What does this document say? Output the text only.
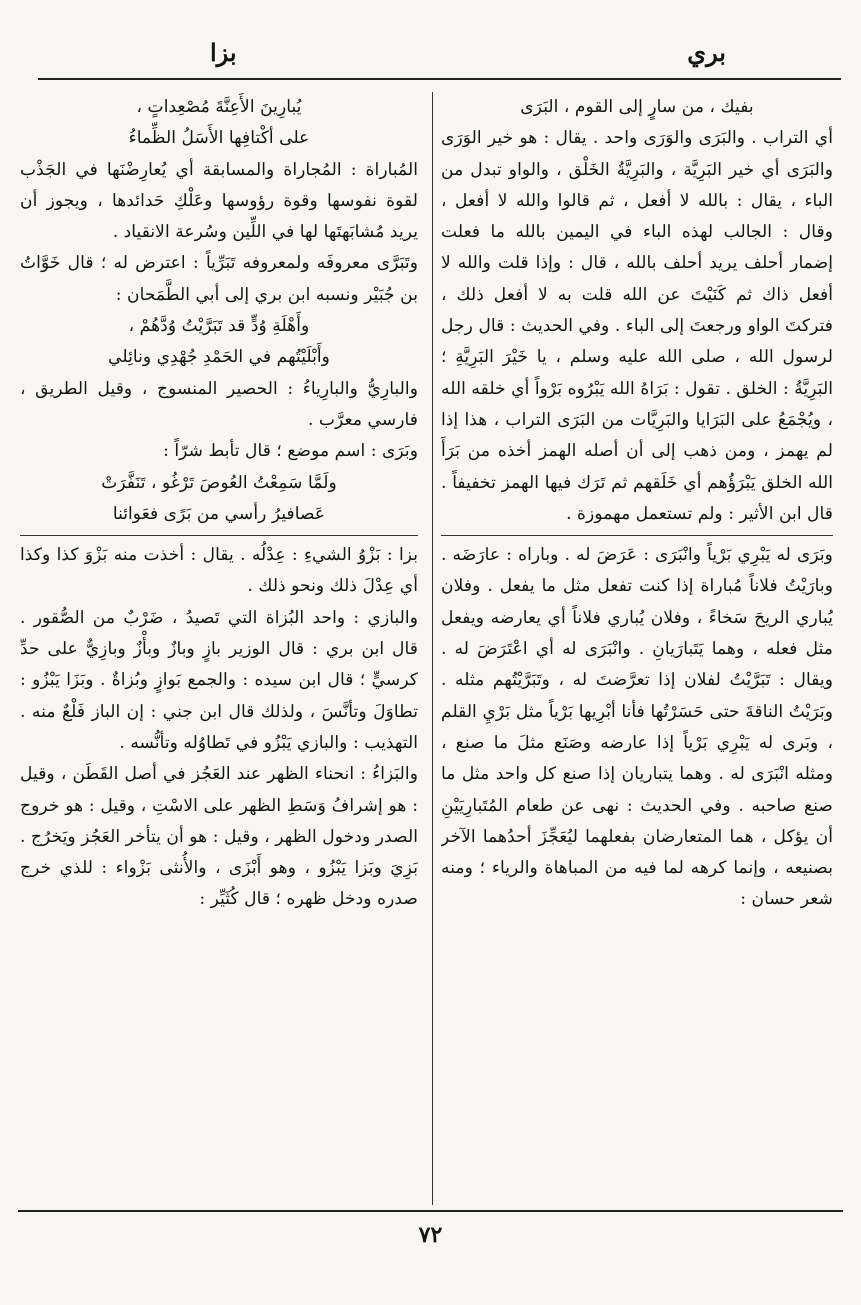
بري
بزا

بفيك ، من سارٍ إلى القوم ، البَرَى

أي التراب . والبَرَى والوَرَى واحد . يقال : هو خير الوَرَى والبَرَى أي خير البَرِيَّة ، والبَرِيَّةُ الخَلْق ، والواو تبدل من الباء ، يقال : بالله لا أفعل ، ثم قالوا والله لا أفعل ، وقال : الجالب لهذه الباء في اليمين بالله ما فعلت إضمار أحلف يريد أحلف بالله ، قال : وإذا قلت والله لا أفعل ذاك ثم كَنَيْتَ عن الله قلت به لا أفعل ذلك ، فتركتَ الواو ورجعتَ إلى الباء . وفي الحديث : قال رجل لرسول الله ، صلى الله عليه وسلم ، يا خَيْرَ البَرِيَّةِ ؛ البَرِيَّةُ : الخلق . تقول : بَرَاهُ الله يَبْرُوه بَرْواً أي خلقه الله ، ويُجْمَعُ على البَرَايا والبَرِيَّات من البَرَى التراب ، هذا إذا لم يهمز ، ومن ذهب إلى أن أصله الهمز أخذه من بَرَأَ الله الخلق يَبْرَؤُهم أي خَلَقهم ثم تَرَك فيها الهمز تخفيفاً . قال ابن الأثير : ولم تستعمل مهموزة .

وبَرَى له يَبْرِي بَرْياً وانْبَرَى : عَرَضَ له . وباراه : عارَضَه . وبارَيْتُ فلاناً مُباراة إذا كنت تفعل مثل ما يفعل . وفلان يُباري الريحَ سَخاءً ، وفلان يُباري فلاناً أي يعارضه ويفعل مثل فعله ، وهما يَتَبارَيانِ . وانْبَرَى له أي اعْتَرَضَ له . ويقال : تَبَرَّيْتُ لفلان إذا تعرَّضتَ له ، وتَبَرَّيْتُهم مثله . وبَرَيْتُ الناقةَ حتى حَسَرْتُها فأنا أبْرِيها بَرْياً مثل بَرْيِ القلم ، وبَرى له يَبْرِي بَرْياً إذا عارضه وصَنَع مثلَ ما صنع ، ومثله انْبَرَى له . وهما يتباريان إذا صنع كل واحد مثل ما صنع صاحبه . وفي الحديث : نهى عن طعام المُتَبارِيَيْنِ أن يؤكل ، هما المتعارضان بفعلهما ليُعَجِّزَ أحدُهما الآخر بصنيعه ، وإنما كرهه لما فيه من المباهاة والرياء ؛ ومنه شعر حسان :

يُبارِينَ الأَعِنَّةَ مُصْعِداتٍ ،

على أكْتافِها الأَسَلُ الظِّماءُ

المُباراة : المُجاراة والمسابقة أي يُعارِضْنَها في الجَذْب لقوة نفوسها وقوة رؤوسها وعَلْكِ حَدائدها ، ويجوز أن يريد مُشابَهتَها لها في اللِّين وسُرعة الانقياد .

وتَبَرَّى معروفَه ولمعروفه تَبَرِّياً : اعترض له ؛ قال خَوَّاتُ بن جُبَيْر ونسبه ابن بري إلى أبي الطَّمَحان :

وأَهْلَةِ وُدٍّ قد تَبَرَّيْتُ وُدَّهُمْ ،

وأَبْلَيْتُهم في الحَمْدِ جُهْدِي ونائِلي

والبارِيُّ والبارِياءُ : الحصير المنسوج ، وقيل الطريق ، فارسي معرَّب .

وبَرَى : اسم موضع ؛ قال تأبط شرّاً :

ولَمَّا سَمِعْتُ العُوصَ تَرْغُو ، تَنَفَّرَتْ

عَصافيرُ رأسي من بَرًى فعَوائنا

بزا : بَزْوُ الشيءِ : عِدْلُه . يقال : أخذت منه بَزْوَ كذا وكذا أي عِدْلَ ذلك ونحو ذلك .

والبازي : واحد البُزاة التي تَصيدُ ، ضَرْبٌ من الصُّقور . قال ابن بري : قال الوزير بازٍ وبازٌ وبأْزٌ وبازِيٌّ على حدِّ كرسيٍّ ؛ قال ابن سيده : والجمع بَوازٍ وبُزاةٌ . وبَزَا يَبْزُو : تطاوَلَ وتأنَّسَ ، ولذلك قال ابن جني : إن الباز فَلْعٌ منه . التهذيب : والبازي يَبْزُو في تَطاوُله وتأنُّسه .

والبَزاءُ : انحناء الظهر عند العَجُز في أصل القَطَن ، وقيل : هو إشرافُ وَسَطِ الظهر على الاسْتِ ، وقيل : هو خروج الصدر ودخول الظهر ، وقيل : هو أن يتأخر العَجُز ويَخرُج . بَزِيَ وبَزا يَبْزُو ، وهو أَبْزَى ، والأُنثى بَزْواء : للذي خرج صدره ودخل ظهره ؛ قال كُثَيِّر :

٧٢
